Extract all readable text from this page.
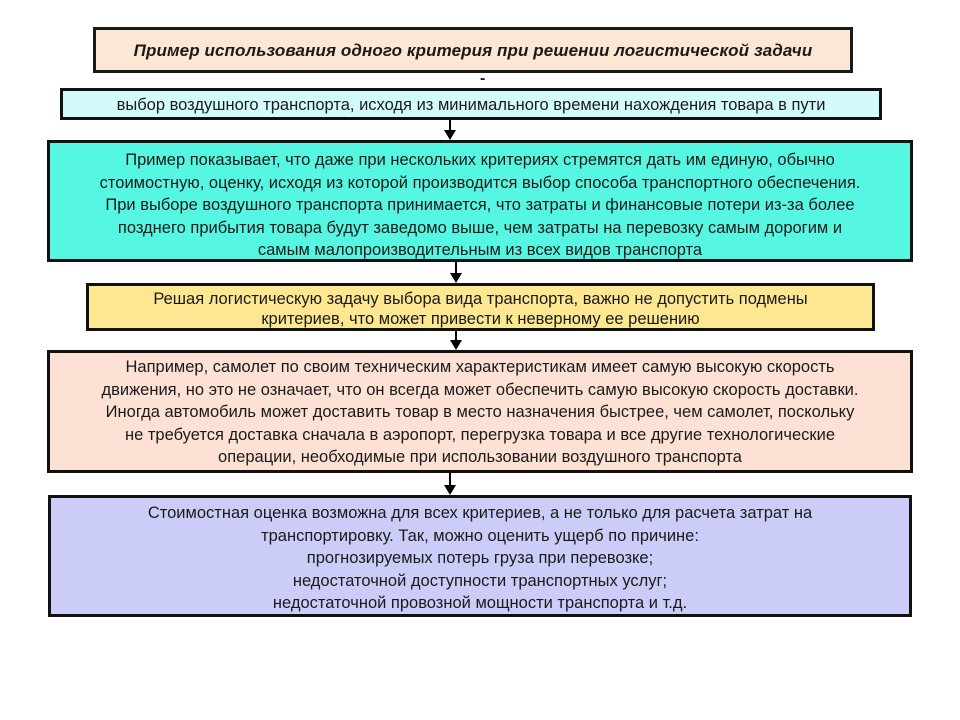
Пример использования одного критерия при решении логистической задачи
-
выбор воздушного транспорта, исходя из минимального времени нахождения товара в пути
Пример показывает, что даже при нескольких критериях стремятся дать им единую, обычно
стоимостную, оценку, исходя из которой производится выбор способа транспортного обеспечения.
При выборе воздушного транспорта принимается, что затраты и финансовые потери из-за более
позднего прибытия товара будут заведомо выше, чем затраты на перевозку самым дорогим и
самым малопроизводительным из всех видов транспорта
Решая логистическую задачу выбора вида транспорта, важно не допустить подмены
критериев, что может привести к неверному ее решению
Например, самолет по своим техническим характеристикам имеет самую высокую скорость
движения, но это не означает, что он всегда может обеспечить самую высокую скорость доставки.
Иногда автомобиль может доставить товар в место назначения быстрее, чем самолет, поскольку
не требуется доставка сначала в аэропорт, перегрузка товара и все другие технологические
операции, необходимые при использовании воздушного транспорта
Стоимостная оценка возможна для всех критериев, а не только для расчета затрат на
транспортировку. Так, можно оценить ущерб по причине:
прогнозируемых потерь груза при перевозке;
недостаточной доступности транспортных услуг;
недостаточной провозной мощности транспорта и т.д.
